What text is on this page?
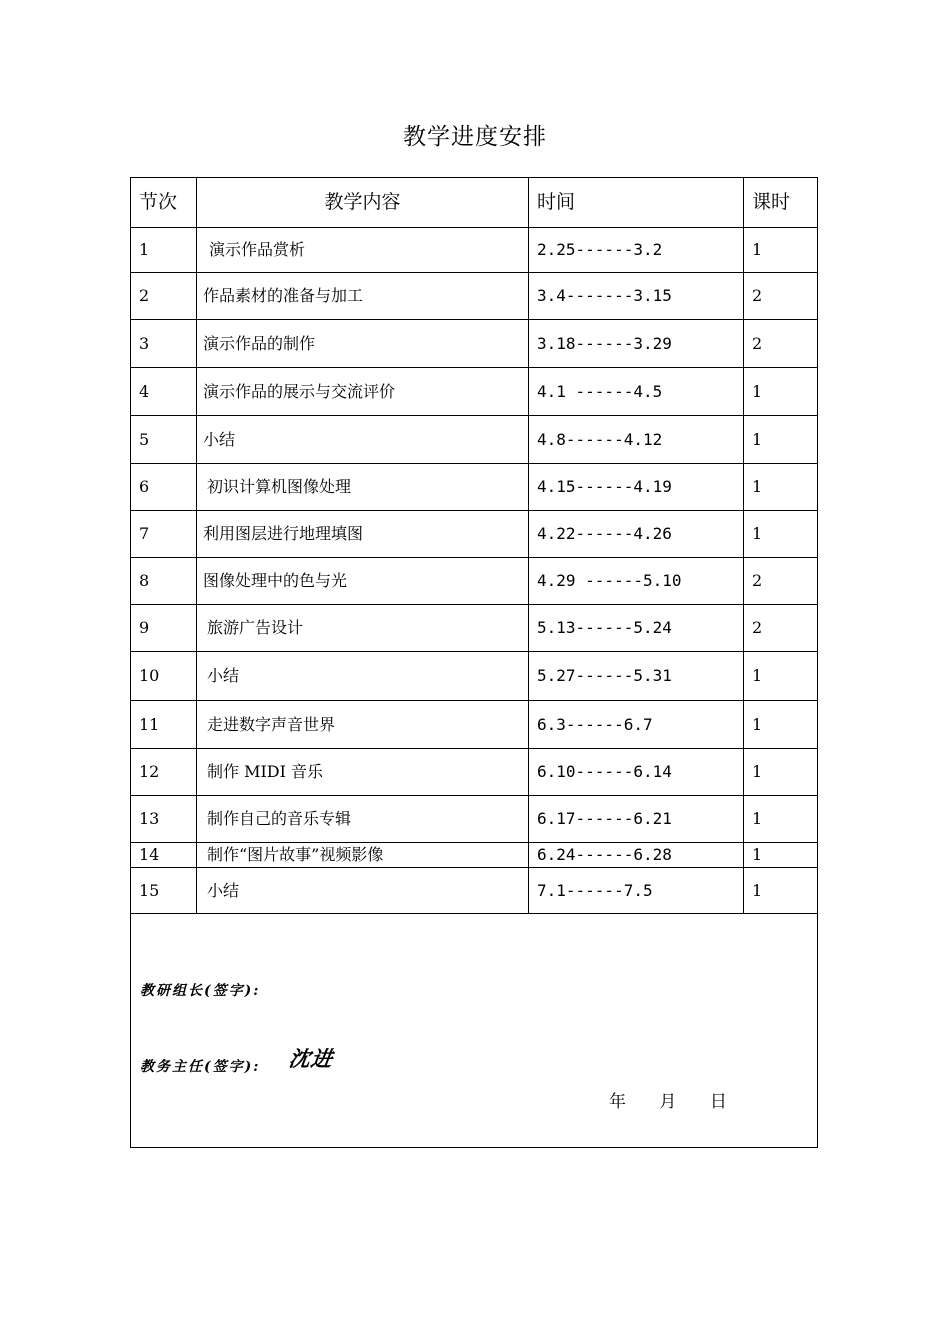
教学进度安排
节次	教学内容	时间	课时
1	演示作品赏析	2.25------3.2	1
2	作品素材的准备与加工	3.4-------3.15	2
3	演示作品的制作	3.18------3.29	2
4	演示作品的展示与交流评价	4.1 ------4.5	1
5	小结	4.8------4.12	1
6	初识计算机图像处理	4.15------4.19	1
7	利用图层进行地理填图	4.22------4.26	1
8	图像处理中的色与光	4.29 ------5.10	2
9	旅游广告设计	5.13------5.24	2
10	小结	5.27------5.31	1
11	走进数字声音世界	6.3------6.7	1
12	制作 MIDI 音乐	6.10------6.14	1
13	制作自己的音乐专辑	6.17------6.21	1
14	制作“图片故事”视频影像	6.24------6.28	1
15	小结	7.1------7.5	1

教研组长(签字):
教务主任(签字): 沈进
年 月 日			
